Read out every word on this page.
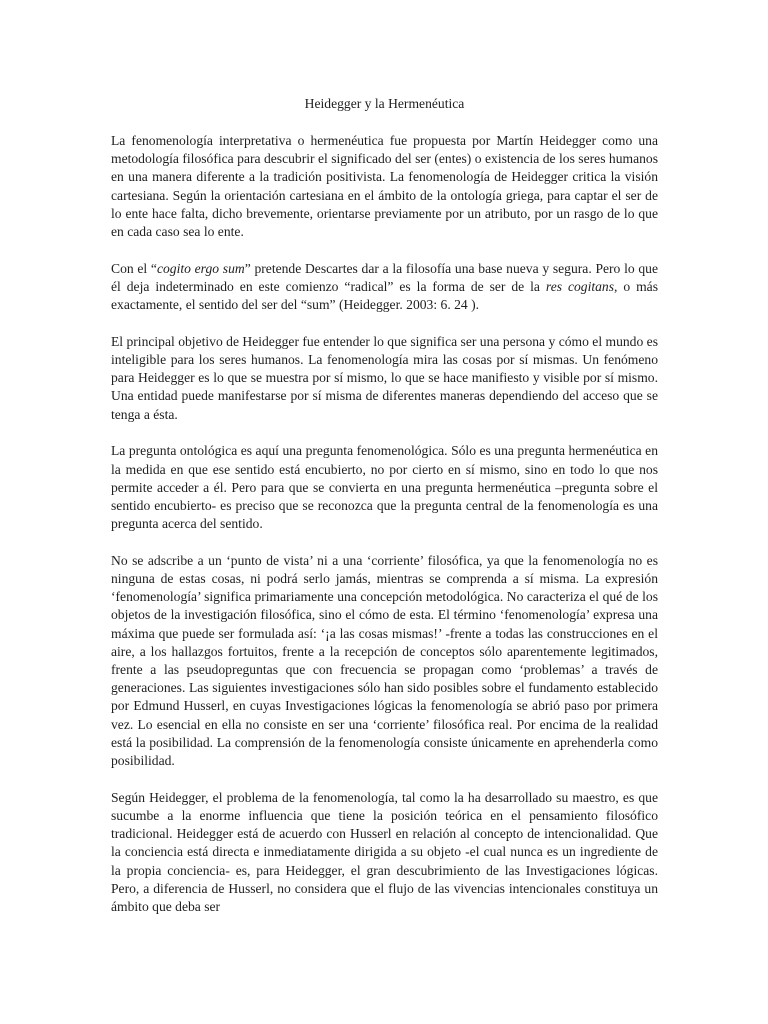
Heidegger y la Hermenéutica

La fenomenología interpretativa o hermenéutica fue propuesta por Martín Heidegger como una metodología filosófica para descubrir el significado del ser (entes) o existencia de los seres humanos en una manera diferente a la tradición positivista. La fenomenología de Heidegger critica la visión cartesiana. Según la orientación cartesiana en el ámbito de la ontología griega, para captar el ser de lo ente hace falta, dicho brevemente, orientarse previamente por un atributo, por un rasgo de lo que en cada caso sea lo ente.

Con el “cogito ergo sum” pretende Descartes dar a la filosofía una base nueva y segura. Pero lo que él deja indeterminado en este comienzo “radical” es la forma de ser de la res cogitans, o más exactamente, el sentido del ser del “sum” (Heidegger. 2003: 6. 24 ).

El principal objetivo de Heidegger fue entender lo que significa ser una persona y cómo el mundo es inteligible para los seres humanos. La fenomenología mira las cosas por sí mismas. Un fenómeno para Heidegger es lo que se muestra por sí mismo, lo que se hace manifiesto y visible por sí mismo. Una entidad puede manifestarse por sí misma de diferentes maneras dependiendo del acceso que se tenga a ésta.

La pregunta ontológica es aquí una pregunta fenomenológica. Sólo es una pregunta hermenéutica en la medida en que ese sentido está encubierto, no por cierto en sí mismo, sino en todo lo que nos permite acceder a él. Pero para que se convierta en una pregunta hermenéutica –pregunta sobre el sentido encubierto- es preciso que se reconozca que la pregunta central de la fenomenología es una pregunta acerca del sentido.

No se adscribe a un ‘punto de vista’ ni a una ‘corriente’ filosófica, ya que la fenomenología no es ninguna de estas cosas, ni podrá serlo jamás, mientras se comprenda a sí misma. La expresión ‘fenomenología’ significa primariamente una concepción metodológica. No caracteriza el qué de los objetos de la investigación filosófica, sino el cómo de esta. El término ‘fenomenología’ expresa una máxima que puede ser formulada así: ‘¡a las cosas mismas!’ -frente a todas las construcciones en el aire, a los hallazgos fortuitos, frente a la recepción de conceptos sólo aparentemente legitimados, frente a las pseudopreguntas que con frecuencia se propagan como ‘problemas’ a través de generaciones. Las siguientes investigaciones sólo han sido posibles sobre el fundamento establecido por Edmund Husserl, en cuyas Investigaciones lógicas la fenomenología se abrió paso por primera vez. Lo esencial en ella no consiste en ser una ‘corriente’ filosófica real. Por encima de la realidad está la posibilidad. La comprensión de la fenomenología consiste únicamente en aprehenderla como posibilidad.

Según Heidegger, el problema de la fenomenología, tal como la ha desarrollado su maestro, es que sucumbe a la enorme influencia que tiene la posición teórica en el pensamiento filosófico tradicional. Heidegger está de acuerdo con Husserl en relación al concepto de intencionalidad. Que la conciencia está directa e inmediatamente dirigida a su objeto -el cual nunca es un ingrediente de la propia conciencia- es, para Heidegger, el gran descubrimiento de las Investigaciones lógicas. Pero, a diferencia de Husserl, no considera que el flujo de las vivencias intencionales constituya un ámbito que deba ser
